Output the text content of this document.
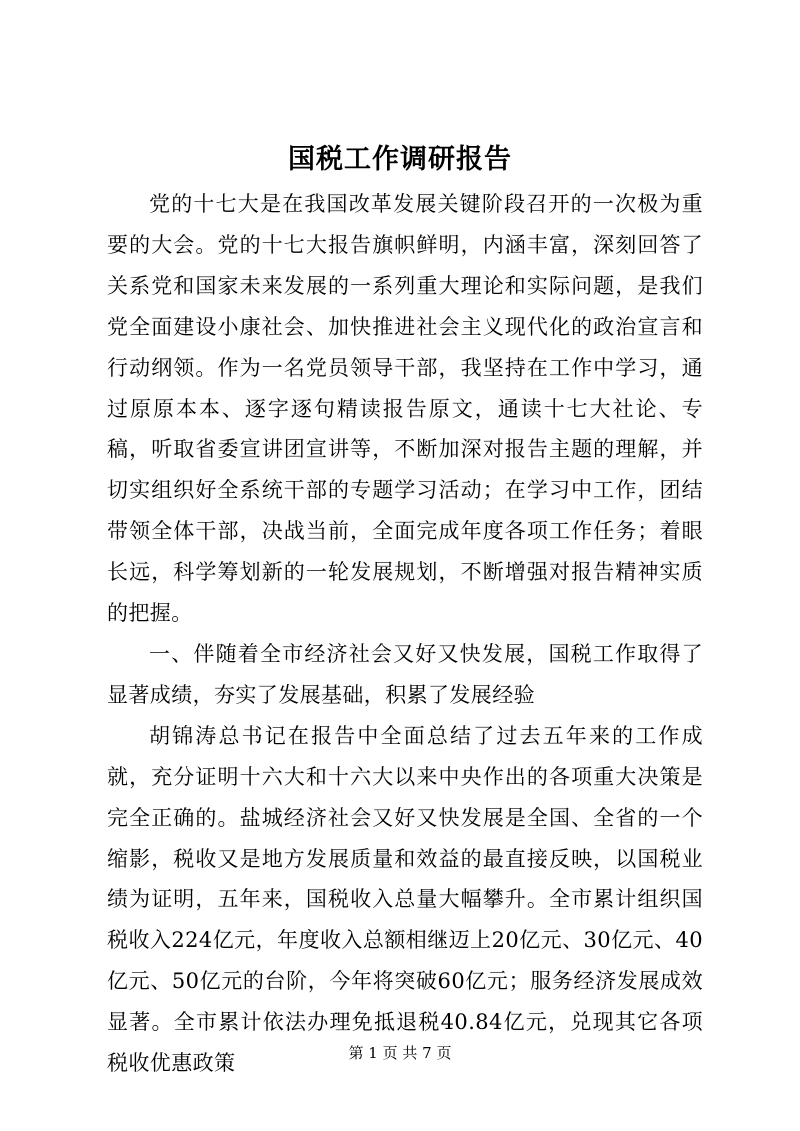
国税工作调研报告

党的十七大是在我国改革发展关键阶段召开的一次极为重要的大会。党的十七大报告旗帜鲜明，内涵丰富，深刻回答了关系党和国家未来发展的一系列重大理论和实际问题，是我们党全面建设小康社会、加快推进社会主义现代化的政治宣言和行动纲领。作为一名党员领导干部，我坚持在工作中学习，通过原原本本、逐字逐句精读报告原文，通读十七大社论、专稿，听取省委宣讲团宣讲等，不断加深对报告主题的理解，并切实组织好全系统干部的专题学习活动；在学习中工作，团结带领全体干部，决战当前，全面完成年度各项工作任务；着眼长远，科学筹划新的一轮发展规划，不断增强对报告精神实质的把握。

一、伴随着全市经济社会又好又快发展，国税工作取得了显著成绩，夯实了发展基础，积累了发展经验

胡锦涛总书记在报告中全面总结了过去五年来的工作成就，充分证明十六大和十六大以来中央作出的各项重大决策是完全正确的。盐城经济社会又好又快发展是全国、全省的一个缩影，税收又是地方发展质量和效益的最直接反映，以国税业绩为证明，五年来，国税收入总量大幅攀升。全市累计组织国税收入224亿元，年度收入总额相继迈上20亿元、30亿元、40亿元、50亿元的台阶，今年将突破60亿元；服务经济发展成效显著。全市累计依法办理免抵退税40.84亿元，兑现其它各项税收优惠政策	第 1 页 共 7 页
